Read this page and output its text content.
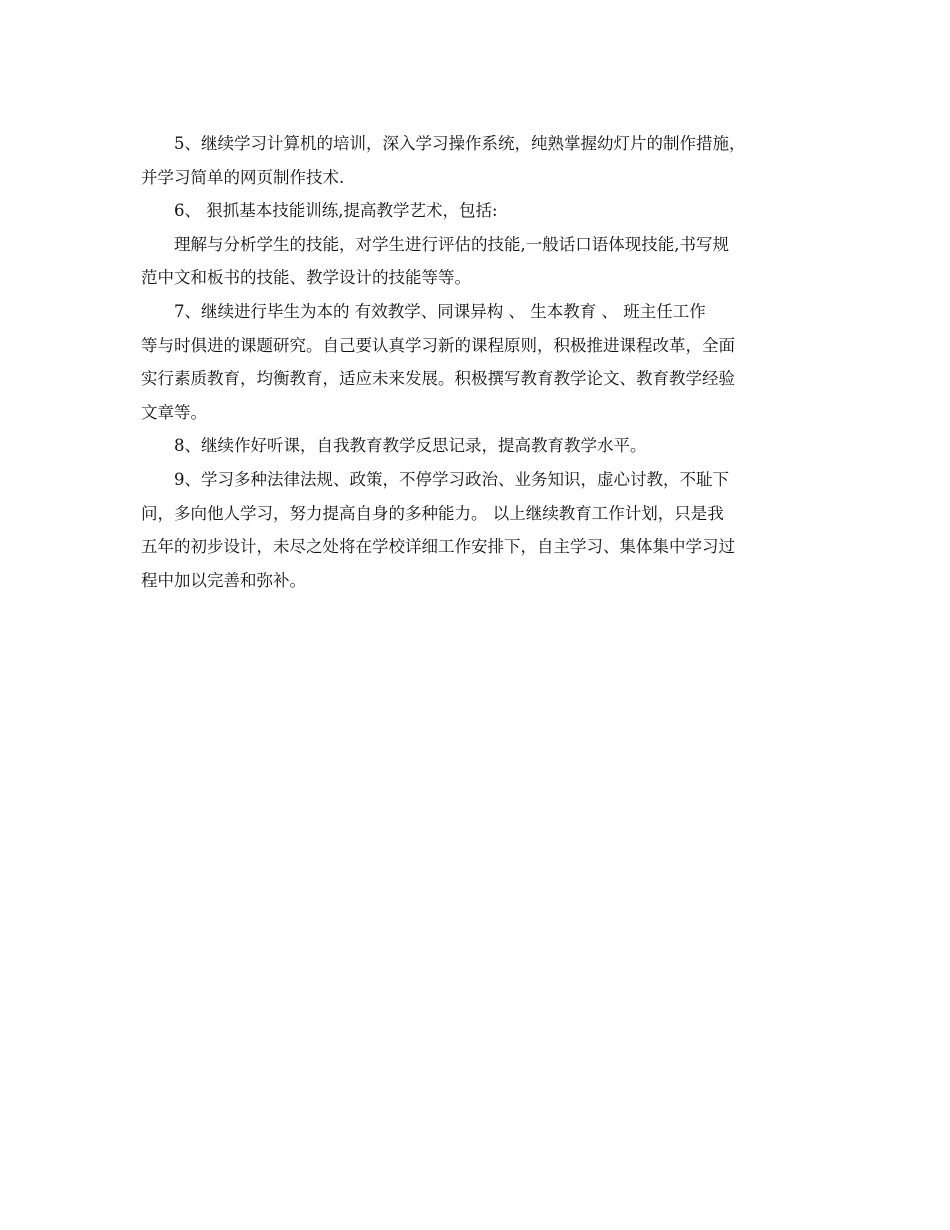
5、继续学习计算机的培训，深入学习操作系统，纯熟掌握幼灯片的制作措施，
并学习简单的网页制作技术.
6、 狠抓基本技能训练,提高教学艺术，包括:
理解与分析学生的技能，对学生进行评估的技能,一般话口语体现技能,书写规
范中文和板书的技能、教学设计的技能等等。
7、继续进行毕生为本的 有效教学、同课异构 、 生本教育 、 班主任工作
等与时俱进的课题研究。自己要认真学习新的课程原则，积极推进课程改革，全面
实行素质教育，均衡教育，适应未来发展。积极撰写教育教学论文、教育教学经验
文章等。
8、继续作好听课，自我教育教学反思记录，提高教育教学水平。
9、学习多种法律法规、政策，不停学习政治、业务知识，虚心讨教，不耻下
问，多向他人学习，努力提高自身的多种能力。 以上继续教育工作计划，只是我
五年的初步设计，未尽之处将在学校详细工作安排下，自主学习、集体集中学习过
程中加以完善和弥补。
